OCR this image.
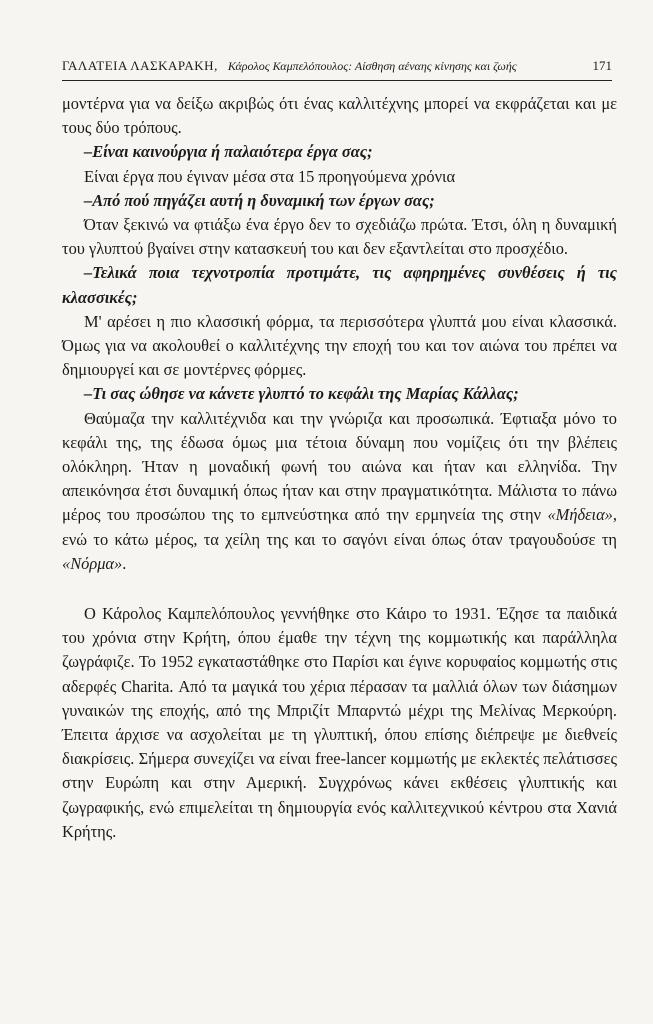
ΓΑΛΑΤΕΙΑ ΛΑΣΚΑΡΑΚΗ, Κάρολος Καμπελόπουλος: Αίσθηση αέναης κίνησης και ζωής	171

μοντέρνα για να δείξω ακριβώς ότι ένας καλλιτέχνης μπορεί να εκφράζεται και με τους δύο τρόπους.

–Είναι καινούργια ή παλαιότερα έργα σας;

Είναι έργα που έγιναν μέσα στα 15 προηγούμενα χρόνια

–Από πού πηγάζει αυτή η δυναμική των έργων σας;

Όταν ξεκινώ να φτιάξω ένα έργο δεν το σχεδιάζω πρώτα. Έτσι, όλη η δυναμική του γλυπτού βγαίνει στην κατασκευή του και δεν εξαντλείται στο προσχέδιο.

–Τελικά ποια τεχνοτροπία προτιμάτε, τις αφηρημένες συνθέσεις ή τις κλασσικές;

Μ' αρέσει η πιο κλασσική φόρμα, τα περισσότερα γλυπτά μου είναι κλασσικά. Όμως για να ακολουθεί ο καλλιτέχνης την εποχή του και τον αιώνα του πρέπει να δημιουργεί και σε μοντέρνες φόρμες.

–Τι σας ώθησε να κάνετε γλυπτό το κεφάλι της Μαρίας Κάλλας;

Θαύμαζα την καλλιτέχνιδα και την γνώριζα και προσωπικά. Έφτιαξα μόνο το κεφάλι της, της έδωσα όμως μια τέτοια δύναμη που νομίζεις ότι την βλέπεις ολόκληρη. Ήταν η μοναδική φωνή του αιώνα και ήταν και ελληνίδα. Την απεικόνησα έτσι δυναμική όπως ήταν και στην πραγματικότητα. Μάλιστα το πάνω μέρος του προσώπου της το εμπνεύστηκα από την ερμηνεία της στην «Μήδεια», ενώ το κάτω μέρος, τα χείλη της και το σαγόνι είναι όπως όταν τραγουδούσε τη «Νόρμα».

Ο Κάρολος Καμπελόπουλος γεννήθηκε στο Κάιρο το 1931. Έζησε τα παιδικά του χρόνια στην Κρήτη, όπου έμαθε την τέχνη της κομμωτικής και παράλληλα ζωγράφιζε. Το 1952 εγκαταστάθηκε στο Παρίσι και έγινε κορυφαίος κομμωτής στις αδερφές Charita. Από τα μαγικά του χέρια πέρασαν τα μαλλιά όλων των διάσημων γυναικών της εποχής, από της Μπριζίτ Μπαρντώ μέχρι της Μελίνας Μερκούρη. Έπειτα άρχισε να ασχολείται με τη γλυπτική, όπου επίσης διέπρεψε με διεθνείς διακρίσεις. Σήμερα συνεχίζει να είναι free-lancer κομμωτής με εκλεκτές πελάτισσες στην Ευρώπη και στην Αμερική. Συγχρόνως κάνει εκθέσεις γλυπτικής και ζωγραφικής, ενώ επιμελείται τη δημιουργία ενός καλλιτεχνικού κέντρου στα Χανιά Κρήτης.
